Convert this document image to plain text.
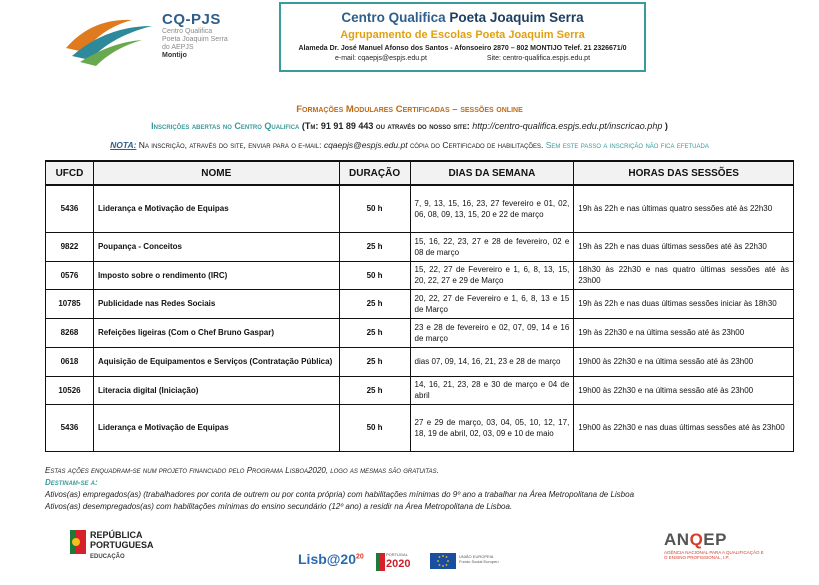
CQ-PJS
Centro Qualifica
Poeta Joaquim Serra
do AEPJS
Montijo
Centro Qualifica Poeta Joaquim Serra
Agrupamento de Escolas Poeta Joaquim Serra
Alameda Dr. José Manuel Afonso dos Santos - Afonsoeiro 2870 – 802 MONTIJO Telef. 21 2326671/0
e-mail: cqaepjs@espjs.edu.pt	Site: centro-qualifica.espjs.edu.pt
Formações Modulares Certificadas – sessões online
Inscrições abertas no Centro Qualifica (Tm: 91 91 89 443 ou através do nosso site: http://centro-qualifica.espjs.edu.pt/inscricao.php )
NOTA: Na inscrição, através do site, enviar para o e-mail: cqaepjs@espjs.edu.pt cópia do Certificado de habilitações. Sem este passo a inscrição não fica efetuada
UFCD	NOME	DURAÇÃO	DIAS DA SEMANA	HORAS DAS SESSÕES
5436	Liderança e Motivação de Equipas	50 h	7, 9, 13, 15, 16, 23, 27 fevereiro e 01, 02, 06, 08, 09, 13, 15, 20 e 22 de março	19h às 22h e nas últimas quatro sessões até às 22h30
9822	Poupança - Conceitos	25 h	15, 16, 22, 23, 27 e 28 de fevereiro, 02 e 08 de março	19h às 22h e nas duas últimas sessões até às 22h30
0576	Imposto sobre o rendimento (IRC)	50 h	15, 22, 27 de Fevereiro e 1, 6, 8, 13, 15, 20, 22, 27 e 29 de Março	18h30 às 22h30 e nas quatro últimas sessões até às 23h00
10785	Publicidade nas Redes Sociais	25 h	20, 22, 27 de Fevereiro e 1, 6, 8, 13 e 15 de Março	19h às 22h e nas duas últimas sessões iniciar às 18h30
8268	Refeições ligeiras (Com o Chef Bruno Gaspar)	25 h	23 e 28 de fevereiro e 02, 07, 09, 14 e 16 de março	19h às 22h30 e na última sessão até às 23h00
0618	Aquisição de Equipamentos e Serviços (Contratação Pública)	25 h	dias 07, 09, 14, 16, 21, 23 e 28 de março	19h00 às 22h30 e na última sessão até às 23h00
10526	Literacia digital (Iniciação)	25 h	14, 16, 21, 23, 28 e 30 de março e 04 de abril	19h00 às 22h30 e na última sessão até às 23h00
5436	Liderança e Motivação de Equipas	50 h	27 e 29 de março, 03, 04, 05, 10, 12, 17, 18, 19 de abril, 02, 03, 09 e 10 de maio	19h00 às 22h30 e nas duas últimas sessões até às 23h00
Estas ações enquadram-se num projeto financiado pelo Programa Lisboa2020, logo as mesmas são gratuitas.
Destinam-se a:
Ativos(as) empregados(as) (trabalhadores por conta de outrem ou por conta própria) com habilitações mínimas do 9º ano a trabalhar na Área Metropolitana de Lisboa
Ativos(as) desempregados(as) com habilitações mínimas do ensino secundário (12º ano) a residir na Área Metropolitana de Lisboa.
REPÚBLICA
PORTUGUESA
EDUCAÇÃO	$Lisb@20^{20}$	PORTUGAL
2020
UNIÃO EUROPEIA Fundo Social Europeu
ANQEP
AGÊNCIA NACIONAL PARA A QUALIFICAÇÃO E O ENSINO PROFISSIONAL, I.P.
